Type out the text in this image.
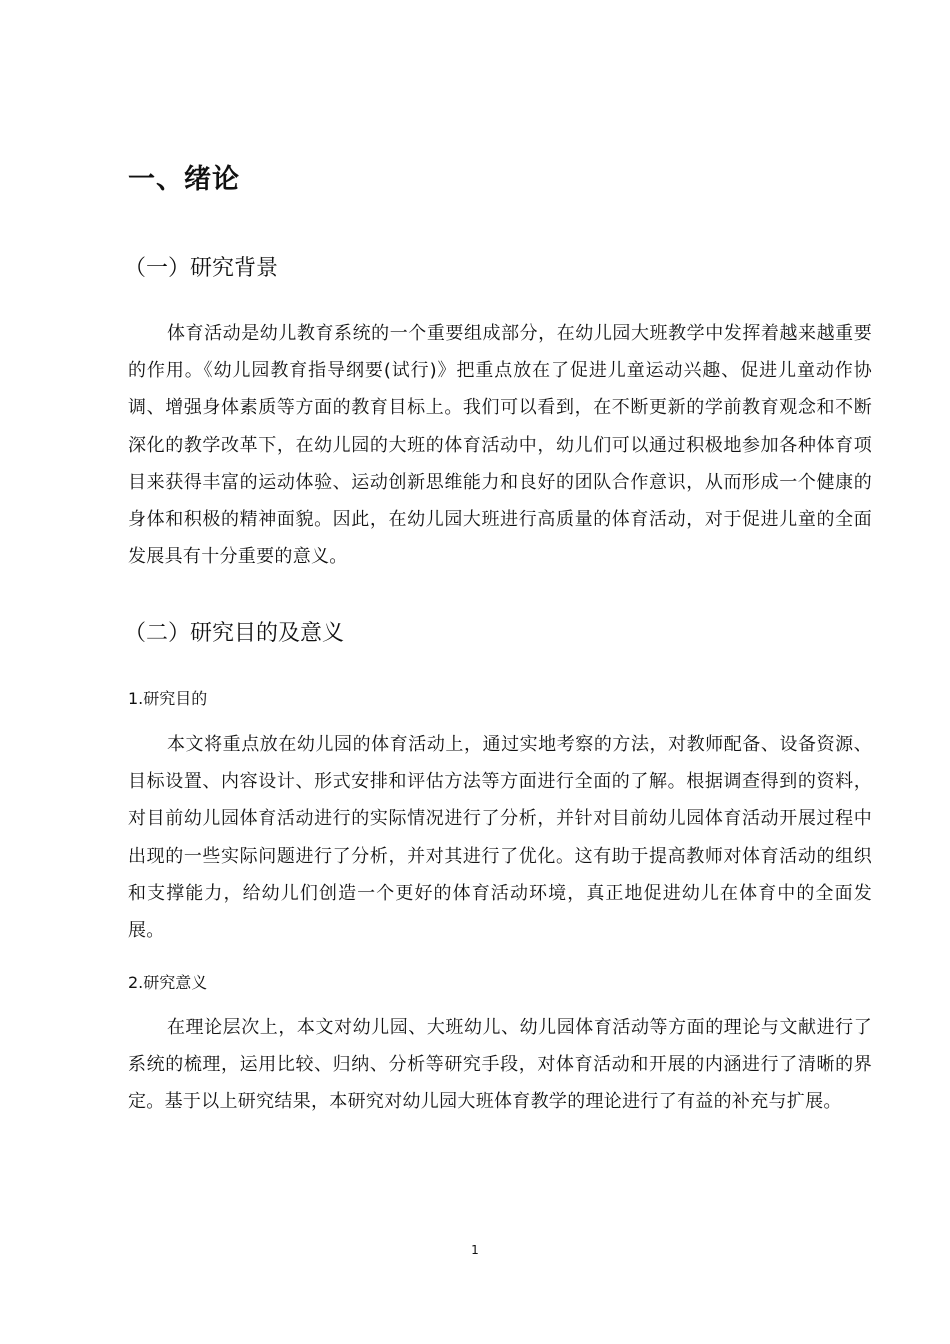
一、绪论
（一）研究背景

体育活动是幼儿教育系统的一个重要组成部分，在幼儿园大班教学中发挥着越来越重要的作用。《幼儿园教育指导纲要(试行)》把重点放在了促进儿童运动兴趣、促进儿童动作协调、增强身体素质等方面的教育目标上。我们可以看到，在不断更新的学前教育观念和不断深化的教学改革下，在幼儿园的大班的体育活动中，幼儿们可以通过积极地参加各种体育项目来获得丰富的运动体验、运动创新思维能力和良好的团队合作意识，从而形成一个健康的身体和积极的精神面貌。因此，在幼儿园大班进行高质量的体育活动，对于促进儿童的全面发展具有十分重要的意义。

（二）研究目的及意义
1.研究目的

本文将重点放在幼儿园的体育活动上，通过实地考察的方法，对教师配备、设备资源、目标设置、内容设计、形式安排和评估方法等方面进行全面的了解。根据调查得到的资料，对目前幼儿园体育活动进行的实际情况进行了分析，并针对目前幼儿园体育活动开展过程中出现的一些实际问题进行了分析，并对其进行了优化。这有助于提高教师对体育活动的组织和支撑能力，给幼儿们创造一个更好的体育活动环境，真正地促进幼儿在体育中的全面发展。

2.研究意义

在理论层次上，本文对幼儿园、大班幼儿、幼儿园体育活动等方面的理论与文献进行了系统的梳理，运用比较、归纳、分析等研究手段，对体育活动和开展的内涵进行了清晰的界定。基于以上研究结果，本研究对幼儿园大班体育教学的理论进行了有益的补充与扩展。

1
